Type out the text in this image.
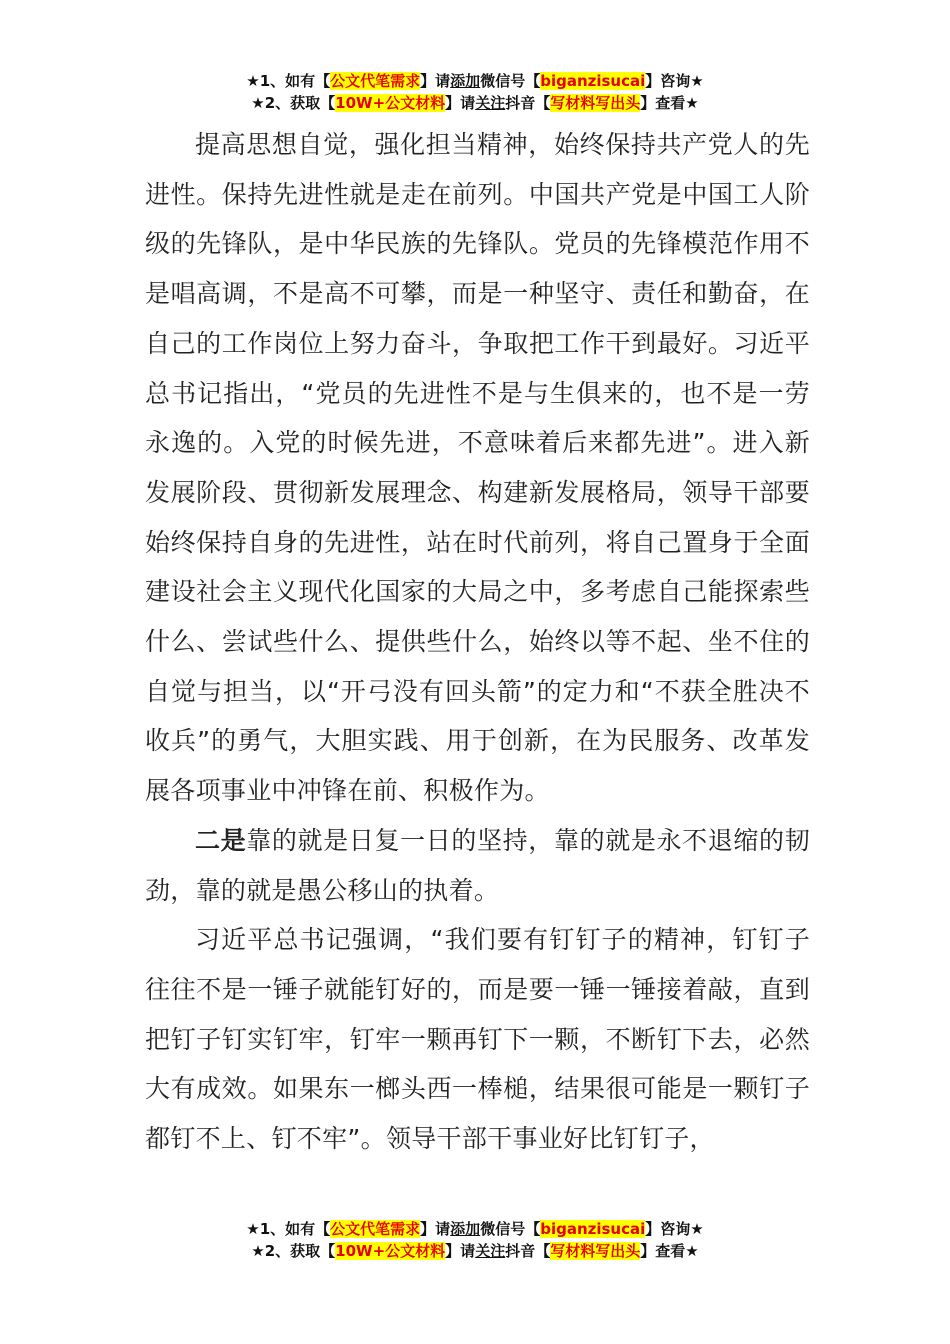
★1、如有【公文代笔需求】请添加微信号【biganzisucai】咨询★
★2、获取【10W+公文材料】请关注抖音【写材料写出头】查看★

提高思想自觉，强化担当精神，始终保持共产党人的先进性。保持先进性就是走在前列。中国共产党是中国工人阶级的先锋队，是中华民族的先锋队。党员的先锋模范作用不是唱高调，不是高不可攀，而是一种坚守、责任和勤奋，在自己的工作岗位上努力奋斗，争取把工作干到最好。习近平总书记指出，“党员的先进性不是与生俱来的，也不是一劳永逸的。入党的时候先进，不意味着后来都先进”。进入新发展阶段、贯彻新发展理念、构建新发展格局，领导干部要始终保持自身的先进性，站在时代前列，将自己置身于全面建设社会主义现代化国家的大局之中，多考虑自己能探索些什么、尝试些什么、提供些什么，始终以等不起、坐不住的自觉与担当，以“开弓没有回头箭”的定力和“不获全胜决不收兵”的勇气，大胆实践、用于创新，在为民服务、改革发展各项事业中冲锋在前、积极作为。

二是靠的就是日复一日的坚持，靠的就是永不退缩的韧劲，靠的就是愚公移山的执着。

习近平总书记强调，“我们要有钉钉子的精神，钉钉子往往不是一锤子就能钉好的，而是要一锤一锤接着敲，直到把钉子钉实钉牢，钉牢一颗再钉下一颗，不断钉下去，必然大有成效。如果东一榔头西一棒槌，结果很可能是一颗钉子都钉不上、钉不牢”。领导干部干事业好比钉钉子，

★1、如有【公文代笔需求】请添加微信号【biganzisucai】咨询★
★2、获取【10W+公文材料】请关注抖音【写材料写出头】查看★
